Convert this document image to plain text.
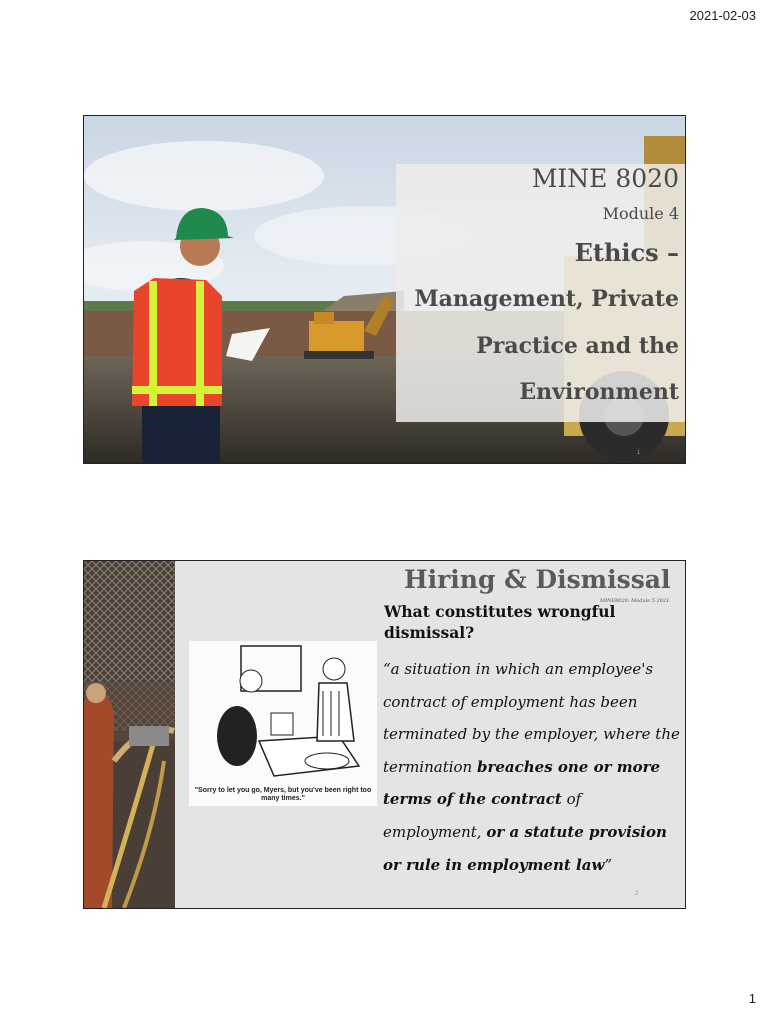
2021-02-03
MINE 8020
Module 4
Ethics –
Management, Private
Practice and the
Environment
1
Hiring & Dismissal
MINE8020: Module 5 2021
What constitutes wrongful dismissal?
"Sorry to let you go, Myers, but you've been right too many times."
“a situation in which an employee's contract of employment has been terminated by the employer, where the termination breaches one or more terms of the contract of employment, or a statute provision or rule in employment law”
2
1
